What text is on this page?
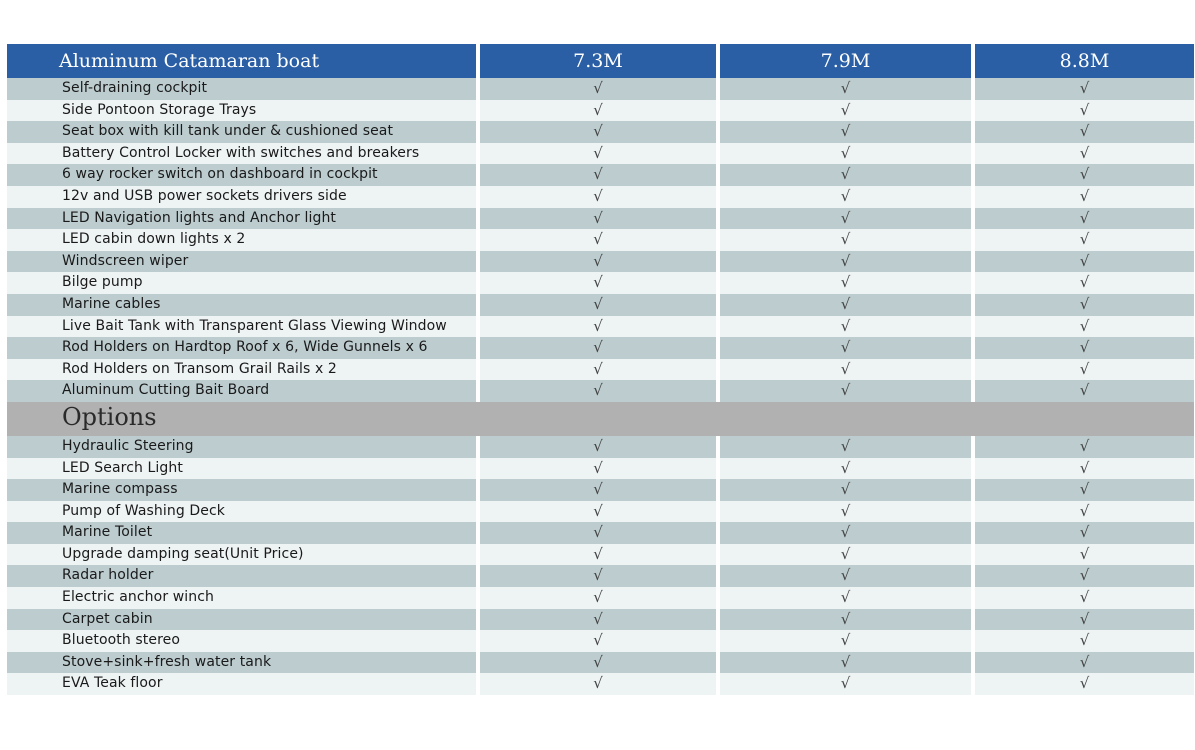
Aluminum Catamaran boat	7.3M	7.9M	8.8M
Self-draining cockpit	√	√	√
Side Pontoon Storage Trays	√	√	√
Seat box with kill tank under & cushioned seat	√	√	√
Battery Control Locker with switches and breakers	√	√	√
6 way rocker switch on dashboard in cockpit	√	√	√
12v and USB power sockets drivers side	√	√	√
LED Navigation lights and Anchor light	√	√	√
LED cabin down lights x 2	√	√	√
Windscreen wiper	√	√	√
Bilge pump	√	√	√
Marine cables	√	√	√
Live Bait Tank with Transparent Glass Viewing Window	√	√	√
Rod Holders on Hardtop Roof x 6, Wide Gunnels x 6	√	√	√
Rod Holders on Transom Grail Rails x 2	√	√	√
Aluminum Cutting Bait Board	√	√	√
Options
Hydraulic Steering	√	√	√
LED Search Light	√	√	√
Marine compass	√	√	√
Pump of Washing Deck	√	√	√
Marine Toilet	√	√	√
Upgrade damping seat(Unit Price)	√	√	√
Radar holder	√	√	√
Electric anchor winch	√	√	√
Carpet cabin	√	√	√
Bluetooth stereo	√	√	√
Stove+sink+fresh water tank	√	√	√
EVA Teak floor	√	√	√
